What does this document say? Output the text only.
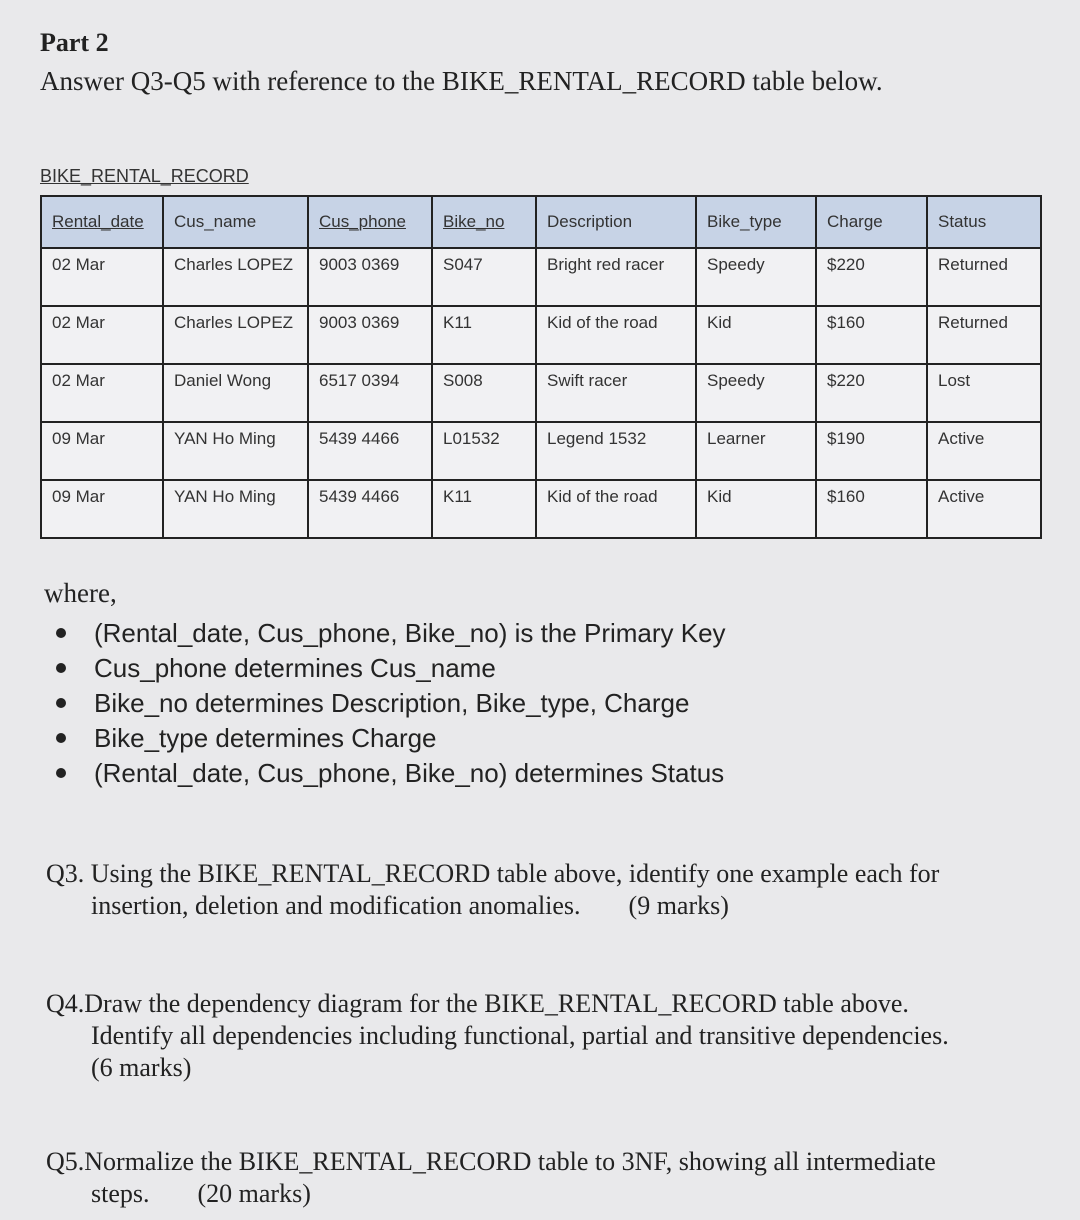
Part 2
Answer Q3-Q5 with reference to the BIKE_RENTAL_RECORD table below.
BIKE_RENTAL_RECORD
Rental_date	Cus_name	Cus_phone	Bike_no	Description	Bike_type	Charge	Status
02 Mar	Charles LOPEZ	9003 0369	S047	Bright red racer	Speedy	$220	Returned
02 Mar	Charles LOPEZ	9003 0369	K11	Kid of the road	Kid	$160	Returned
02 Mar	Daniel Wong	6517 0394	S008	Swift racer	Speedy	$220	Lost
09 Mar	YAN Ho Ming	5439 4466	L01532	Legend 1532	Learner	$190	Active
09 Mar	YAN Ho Ming	5439 4466	K11	Kid of the road	Kid	$160	Active
where,
(Rental_date, Cus_phone, Bike_no) is the Primary Key
Cus_phone determines Cus_name
Bike_no determines Description, Bike_type, Charge
Bike_type determines Charge
(Rental_date, Cus_phone, Bike_no) determines Status
Q3. Using the BIKE_RENTAL_RECORD table above, identify one example each for
insertion, deletion and modification anomalies. (9 marks)
Q4.Draw the dependency diagram for the BIKE_RENTAL_RECORD table above.
Identify all dependencies including functional, partial and transitive dependencies.
(6 marks)
Q5.Normalize the BIKE_RENTAL_RECORD table to 3NF, showing all intermediate
steps. (20 marks)
